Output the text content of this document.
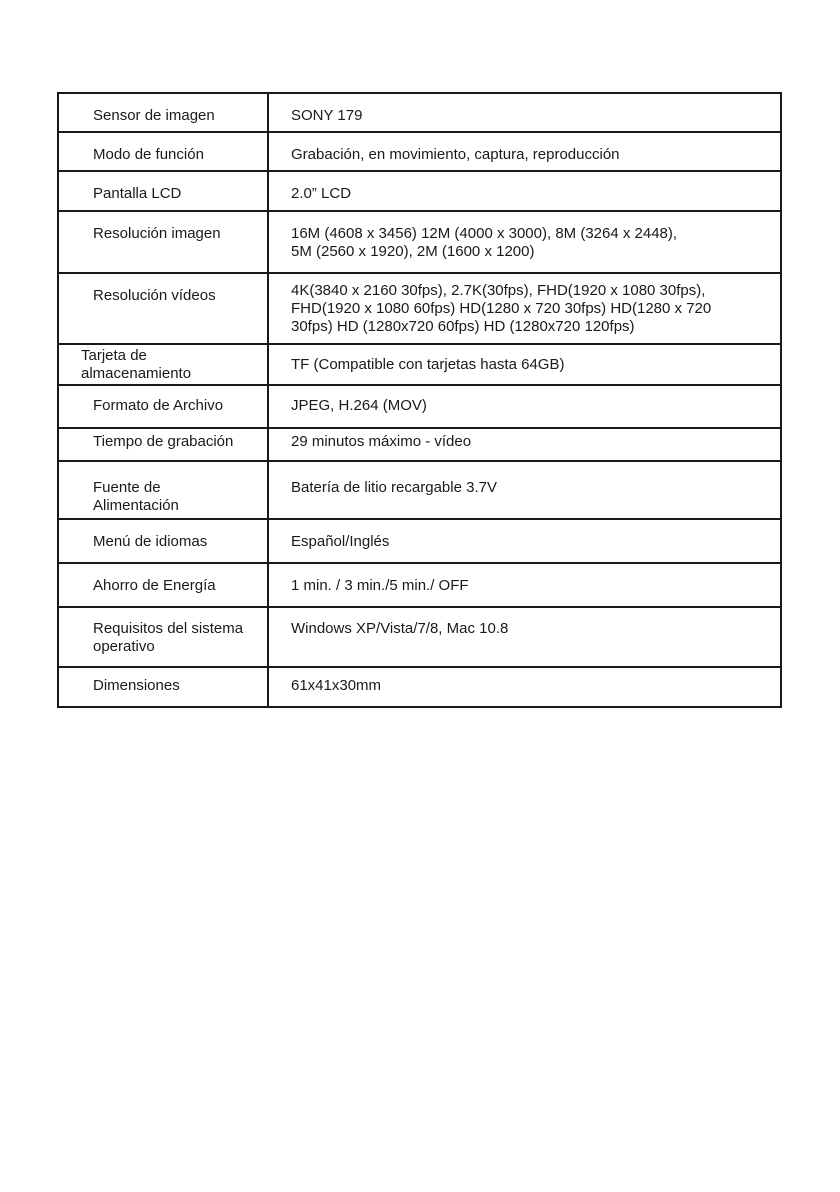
Sensor de imagen	SONY 179

Modo de función	Grabación, en movimiento, captura, reproducción

Pantalla LCD	2.0” LCD

Resolución imagen	16M (4608 x 3456) 12M (4000 x 3000), 8M (3264 x 2448),
5M (2560 x 1920), 2M (1600 x 1200)

Resolución vídeos	4K(3840 x 2160 30fps), 2.7K(30fps), FHD(1920 x 1080 30fps),
FHD(1920 x 1080 60fps) HD(1280 x 720 30fps) HD(1280 x 720
30fps) HD (1280x720 60fps) HD (1280x720 120fps)

Tarjeta de
almacenamiento	TF (Compatible con tarjetas hasta 64GB)

Formato de Archivo	JPEG, H.264 (MOV)

Tiempo de grabación	29 minutos máximo - vídeo

Fuente de
Alimentación	Batería de litio recargable 3.7V

Menú de idiomas	Español/Inglés

Ahorro de Energía	1 min. / 3 min./5 min./ OFF

Requisitos del sistema
operativo	Windows XP/Vista/7/8, Mac 10.8

Dimensiones	61x41x30mm
